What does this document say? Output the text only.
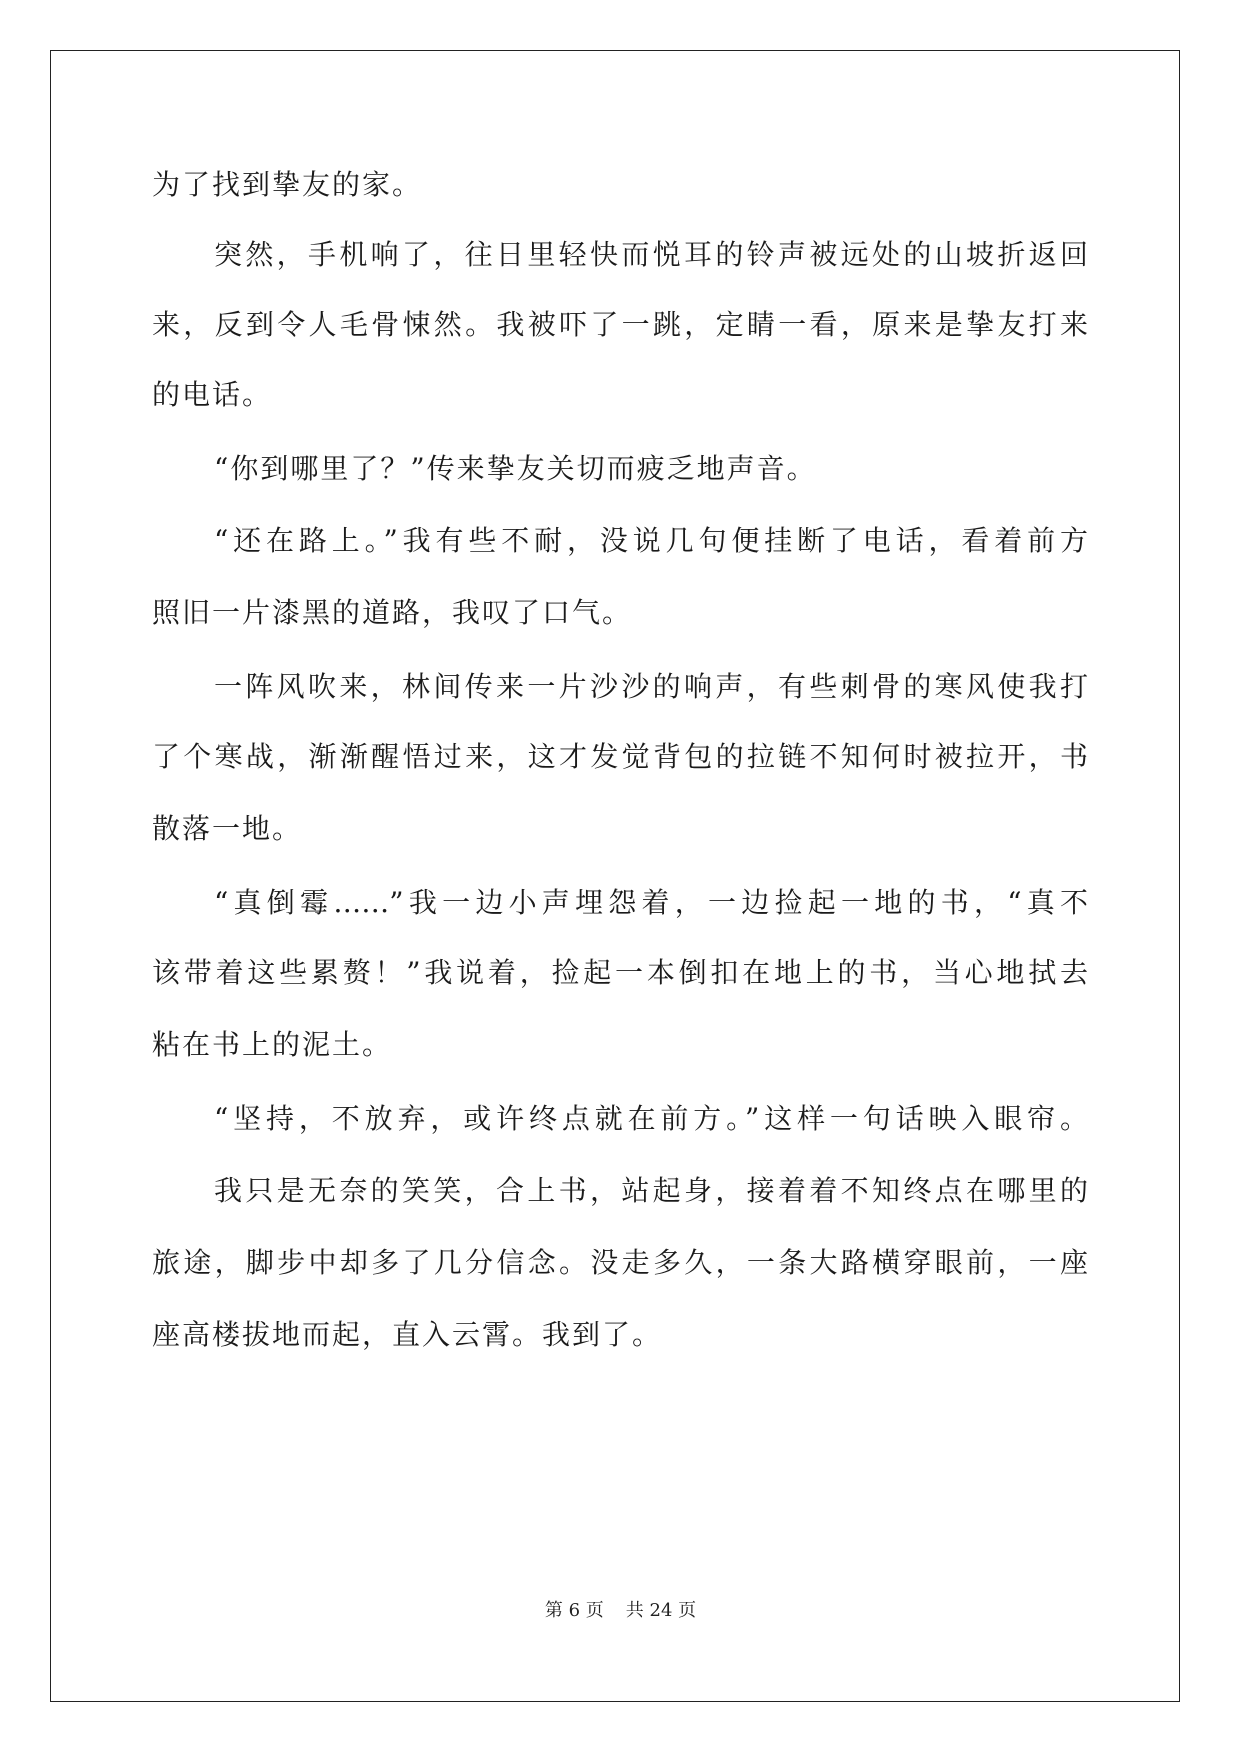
为了找到挚友的家。
突然，手机响了，往日里轻快而悦耳的铃声被远处的山坡折返回
来，反到令人毛骨悚然。我被吓了一跳，定睛一看，原来是挚友打来
的电话。
“你到哪里了？”传来挚友关切而疲乏地声音。
“还在路上。”我有些不耐，没说几句便挂断了电话，看着前方
照旧一片漆黑的道路，我叹了口气。
一阵风吹来，林间传来一片沙沙的响声，有些刺骨的寒风使我打
了个寒战，渐渐醒悟过来，这才发觉背包的拉链不知何时被拉开，书
散落一地。
“真倒霉……”我一边小声埋怨着，一边捡起一地的书，“真不
该带着这些累赘！”我说着，捡起一本倒扣在地上的书，当心地拭去
粘在书上的泥土。
“坚持，不放弃，或许终点就在前方。”这样一句话映入眼帘。
我只是无奈的笑笑，合上书，站起身，接着着不知终点在哪里的
旅途，脚步中却多了几分信念。没走多久，一条大路横穿眼前，一座
座高楼拔地而起，直入云霄。我到了。
第 6 页 共 24 页
